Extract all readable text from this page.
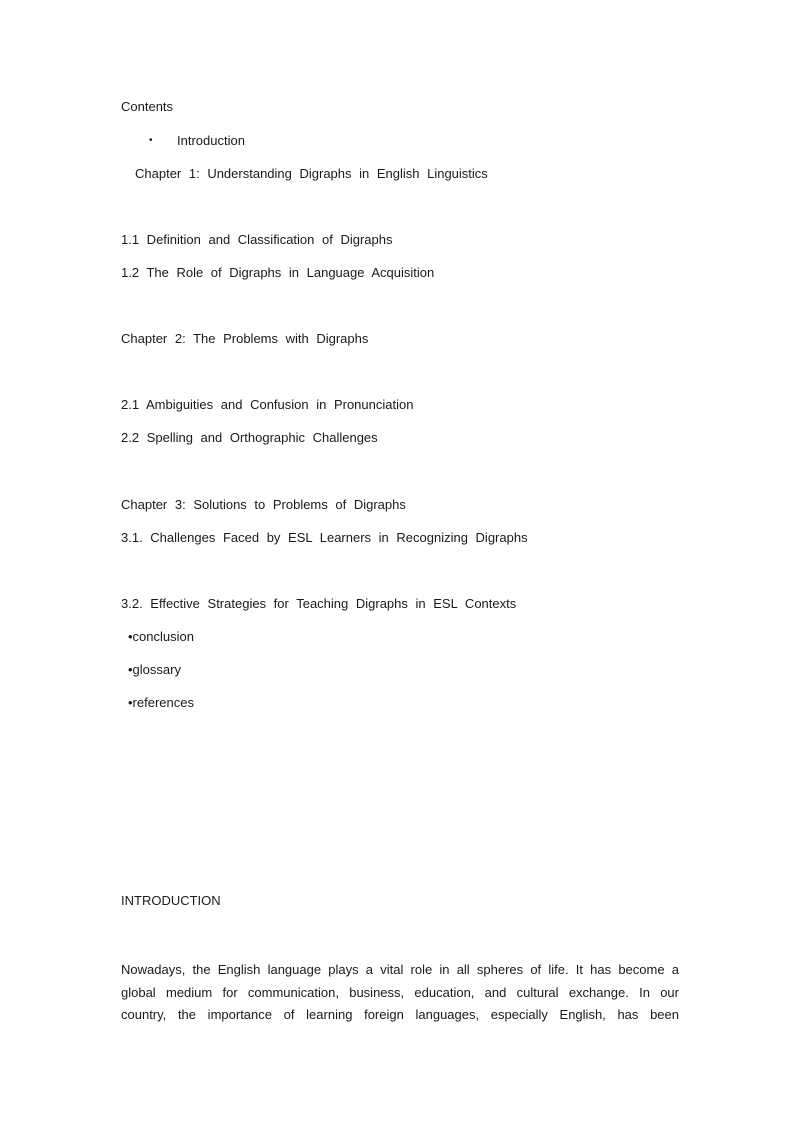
Contents
• Introduction
Chapter 1: Understanding Digraphs in English Linguistics
1.1 Definition and Classification of Digraphs
1.2 The Role of Digraphs in Language Acquisition
Chapter 2: The Problems with Digraphs
2.1 Ambiguities and Confusion in Pronunciation
2.2 Spelling and Orthographic Challenges
Chapter 3: Solutions to Problems of Digraphs
3.1. Challenges Faced by ESL Learners in Recognizing Digraphs
3.2. Effective Strategies for Teaching Digraphs in ESL Contexts
•conclusion
•glossary
•references
INTRODUCTION
Nowadays, the English language plays a vital role in all spheres of life. It has become a
global medium for communication, business, education, and cultural exchange. In our
country, the importance of learning foreign languages, especially English, has been
